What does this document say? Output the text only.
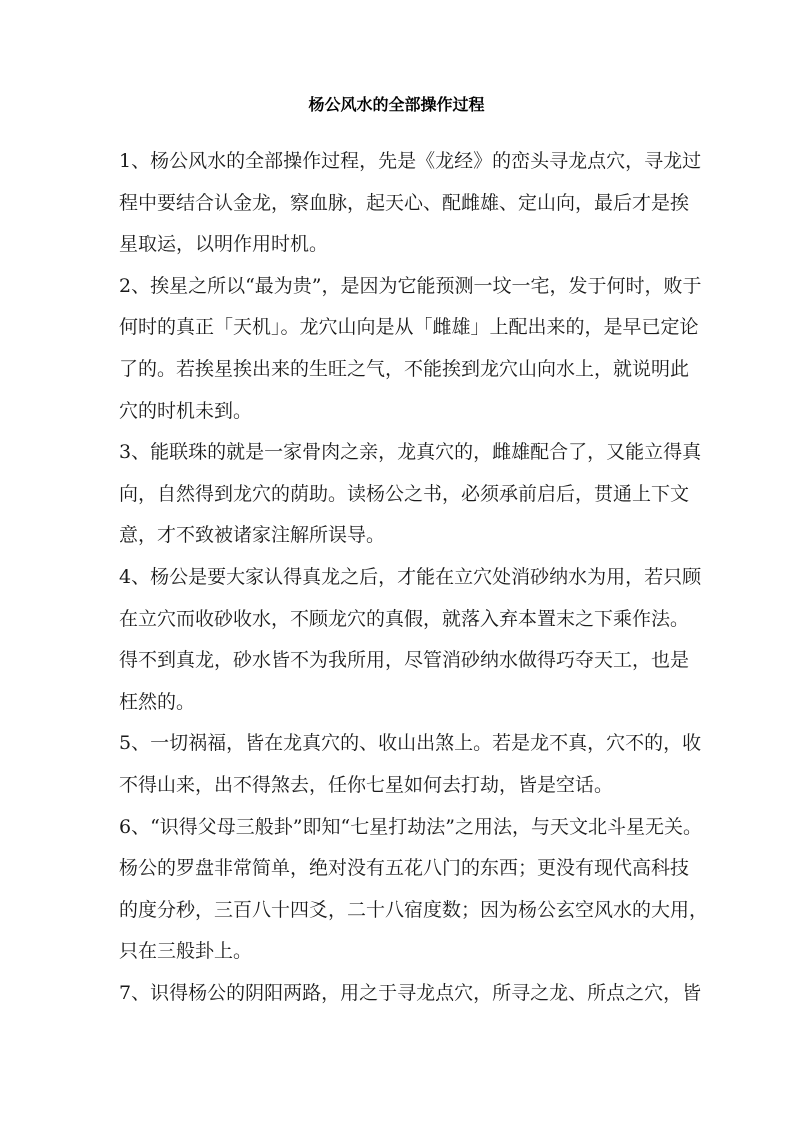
杨公风水的全部操作过程
1、杨公风水的全部操作过程，先是《龙经》的峦头寻龙点穴，寻龙过
程中要结合认金龙，察血脉，起天心、配雌雄、定山向，最后才是挨
星取运，以明作用时机。
2、挨星之所以“最为贵”，是因为它能预测一坟一宅，发于何时，败于
何时的真正「天机」。龙穴山向是从「雌雄」上配出来的，是早已定论
了的。若挨星挨出来的生旺之气，不能挨到龙穴山向水上，就说明此
穴的时机未到。
3、能联珠的就是一家骨肉之亲，龙真穴的，雌雄配合了，又能立得真
向，自然得到龙穴的荫助。读杨公之书，必须承前启后，贯通上下文
意，才不致被诸家注解所误导。
4、杨公是要大家认得真龙之后，才能在立穴处消砂纳水为用，若只顾
在立穴而收砂收水，不顾龙穴的真假，就落入弃本置末之下乘作法。
得不到真龙，砂水皆不为我所用，尽管消砂纳水做得巧夺天工，也是
枉然的。
5、一切祸福，皆在龙真穴的、收山出煞上。若是龙不真，穴不的，收
不得山来，出不得煞去，任你七星如何去打劫，皆是空话。
6、“识得父母三般卦”即知“七星打劫法”之用法，与天文北斗星无关。
杨公的罗盘非常简单，绝对没有五花八门的东西；更没有现代高科技
的度分秒，三百八十四爻，二十八宿度数；因为杨公玄空风水的大用，
只在三般卦上。
7、识得杨公的阴阳两路，用之于寻龙点穴，所寻之龙、所点之穴，皆
